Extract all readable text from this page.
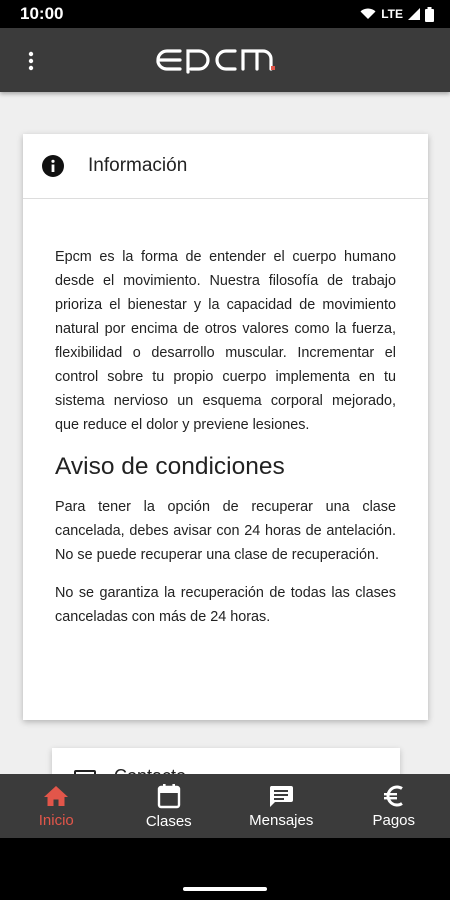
10:00	LTE
Información

Epcm es la forma de entender el cuerpo humano desde el movimiento. Nuestra filosofía de trabajo prioriza el bienestar y la capacidad de movimiento natural por encima de otros valores como la fuerza, flexibilidad o desarrollo muscular. Incrementar el control sobre tu propio cuerpo implementa en tu sistema nervioso un esquema corporal mejorado, que reduce el dolor y previene lesiones.

Aviso de condiciones

Para tener la opción de recuperar una clase cancelada, debes avisar con 24 horas de antelación. No se puede recuperar una clase de recuperación.

No se garantiza la recuperación de todas las clases canceladas con más de 24 horas.

Inicio	Clases	Mensajes	Pagos
